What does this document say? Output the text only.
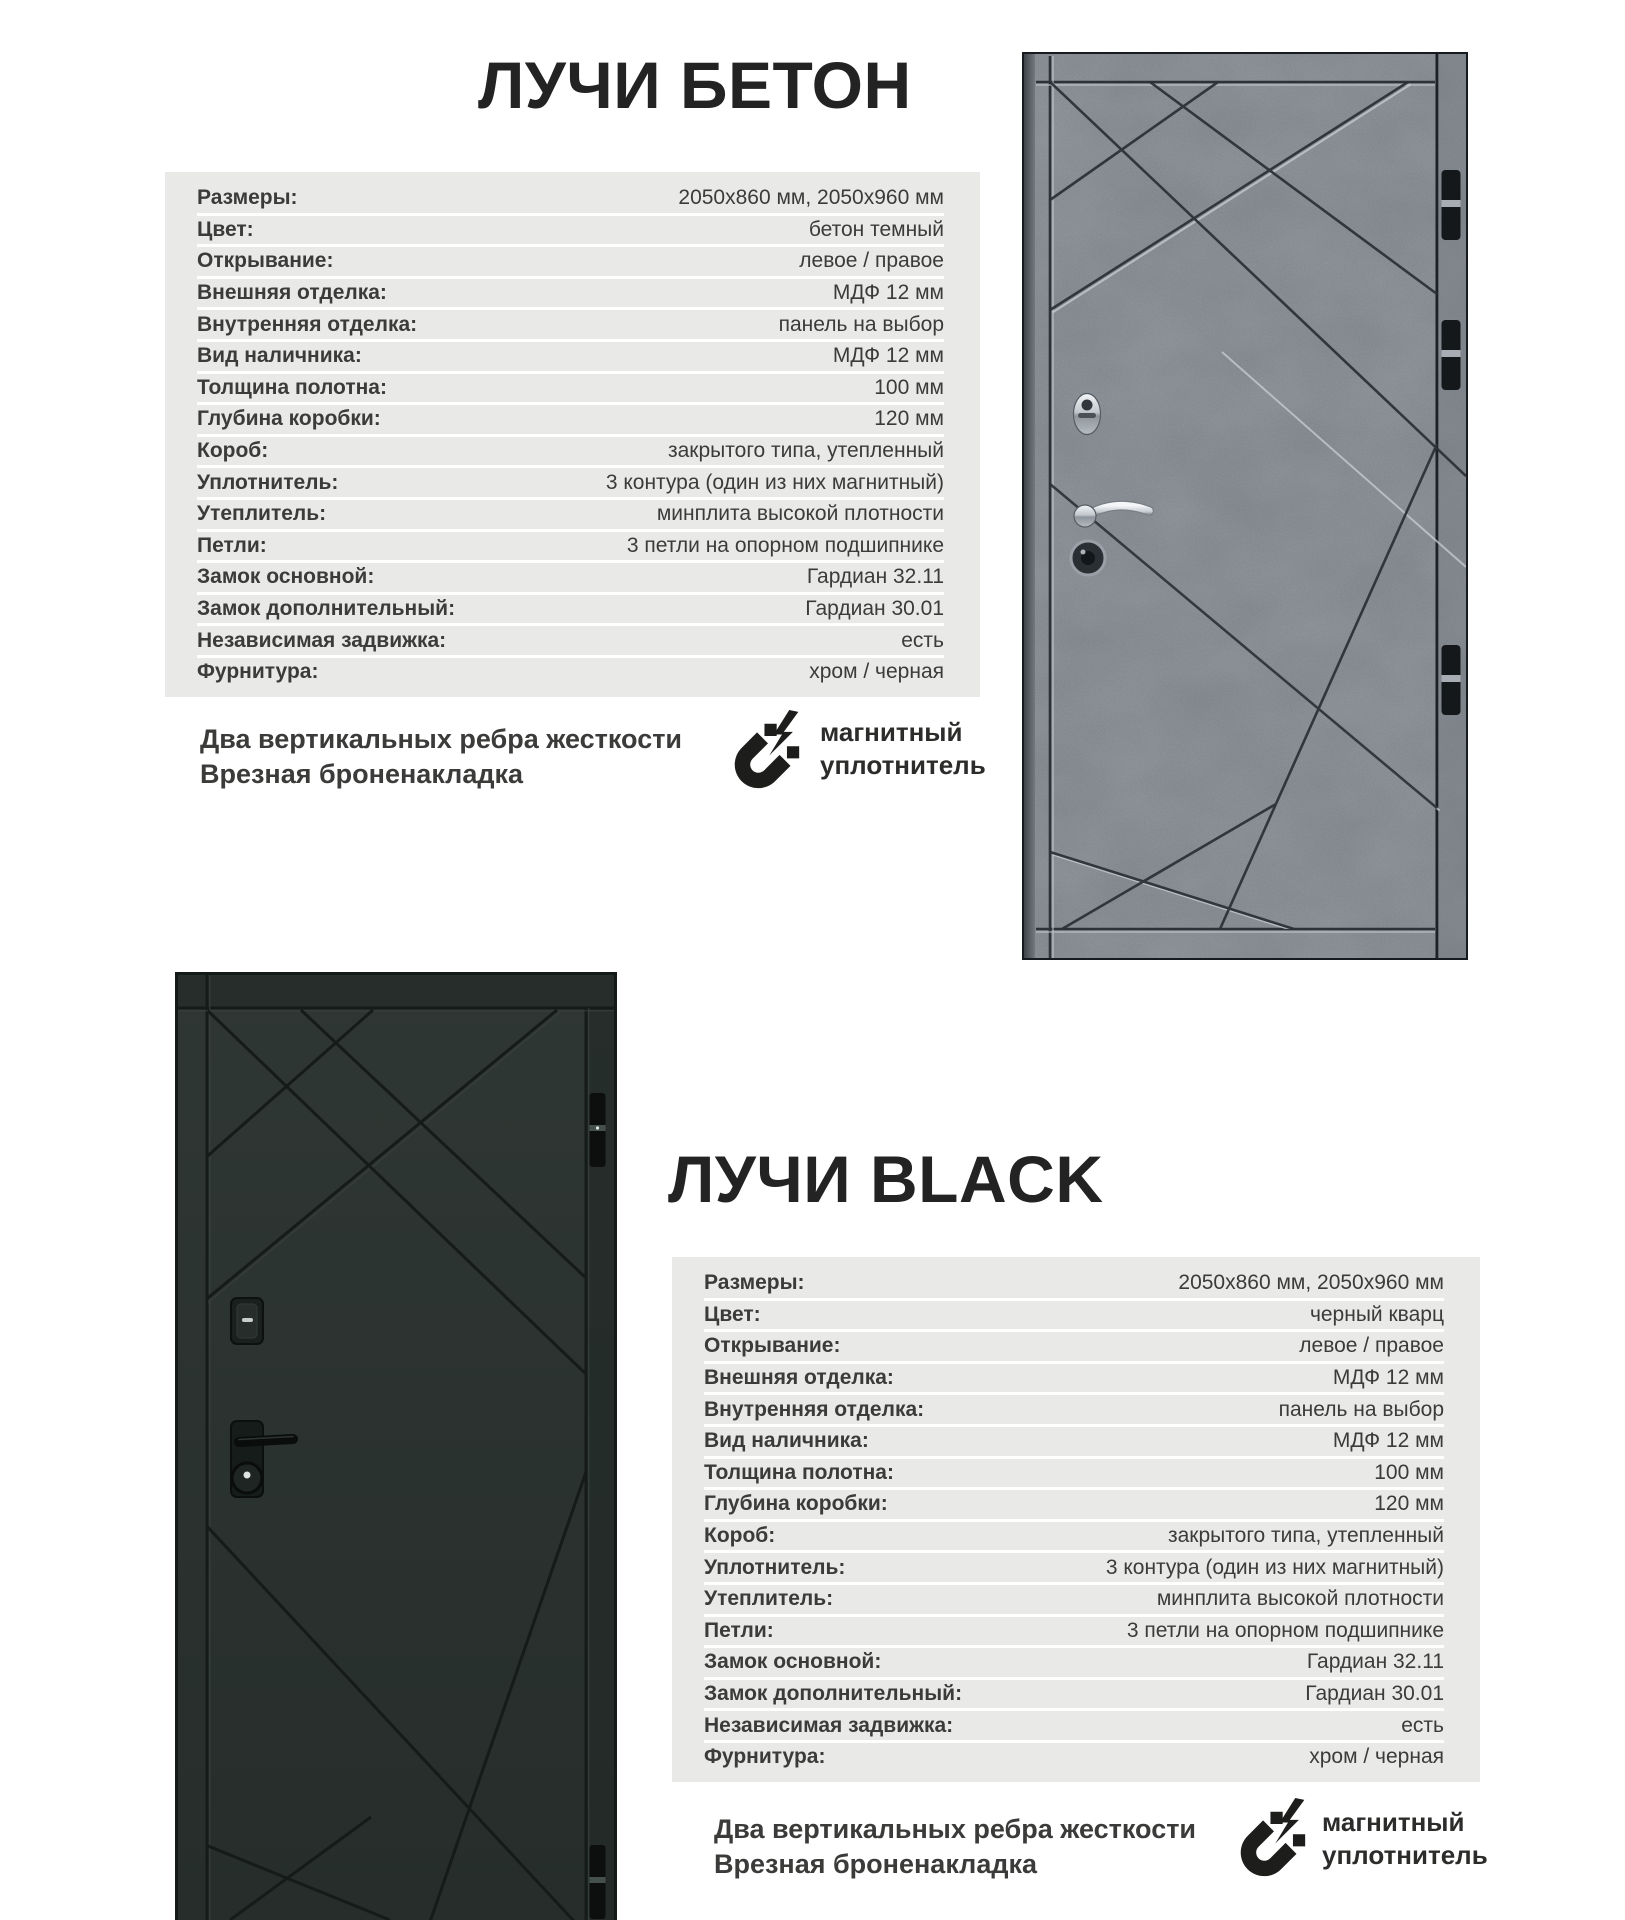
ЛУЧИ БЕТОН
Размеры:	2050х860 мм, 2050х960 мм
Цвет:	бетон темный
Открывание:	левое / правое
Внешняя отделка:	МДФ 12 мм
Внутренняя отделка:	панель на выбор
Вид наличника:	МДФ 12 мм
Толщина полотна:	100 мм
Глубина коробки:	120 мм
Короб:	закрытого типа, утепленный
Уплотнитель:	3 контура (один из них магнитный)
Утеплитель:	минплита высокой плотности
Петли:	3 петли на опорном подшипнике
Замок основной:	Гардиан 32.11
Замок дополнительный:	Гардиан 30.01
Независимая задвижка:	есть
Фурнитура:	хром / черная
Два вертикальных ребра жесткости
Врезная броненакладка
магнитный
уплотнитель
ЛУЧИ BLACK
Размеры:	2050х860 мм, 2050х960 мм
Цвет:	черный кварц
Открывание:	левое / правое
Внешняя отделка:	МДФ 12 мм
Внутренняя отделка:	панель на выбор
Вид наличника:	МДФ 12 мм
Толщина полотна:	100 мм
Глубина коробки:	120 мм
Короб:	закрытого типа, утепленный
Уплотнитель:	3 контура (один из них магнитный)
Утеплитель:	минплита высокой плотности
Петли:	3 петли на опорном подшипнике
Замок основной:	Гардиан 32.11
Замок дополнительный:	Гардиан 30.01
Независимая задвижка:	есть
Фурнитура:	хром / черная
Два вертикальных ребра жесткости
Врезная броненакладка
магнитный
уплотнитель
